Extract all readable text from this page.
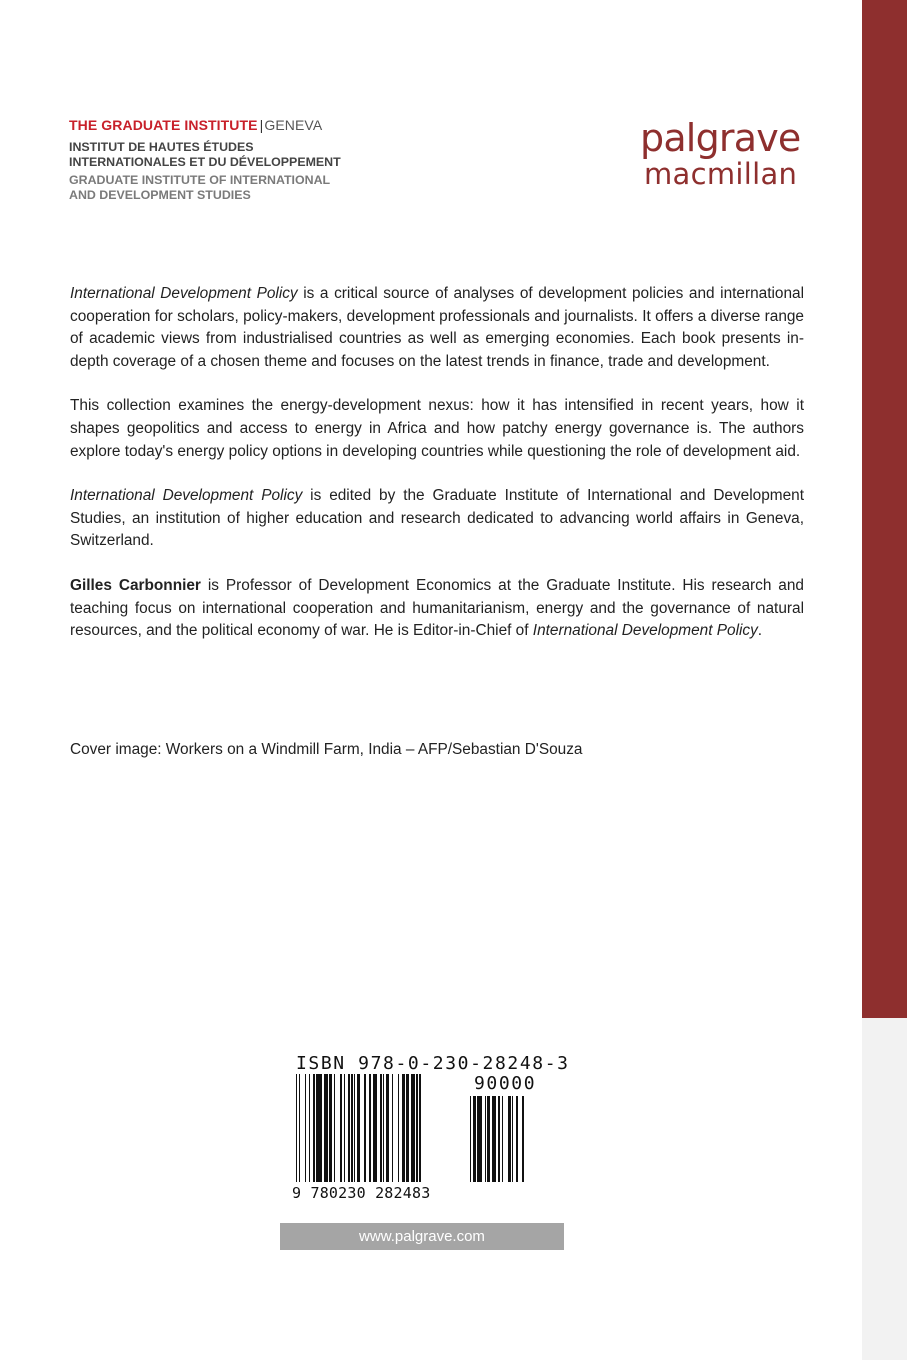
THE GRADUATE INSTITUTE |GENEVA
INSTITUT DE HAUTES ÉTUDES
INTERNATIONALES ET DU DÉVELOPPEMENT
GRADUATE INSTITUTE OF INTERNATIONAL
AND DEVELOPMENT STUDIES
palgrave
macmillan

International Development Policy is a critical source of analyses of development policies and international cooperation for scholars, policy-makers, development professionals and journalists. It offers a diverse range of academic views from industrialised countries as well as emerging economies. Each book presents in-depth coverage of a chosen theme and focuses on the latest trends in finance, trade and development.

This collection examines the energy-development nexus: how it has intensified in recent years, how it shapes geopolitics and access to energy in Africa and how patchy energy governance is. The authors explore today's energy policy options in developing countries while questioning the role of development aid.

International Development Policy is edited by the Graduate Institute of International and Development Studies, an institution of higher education and research dedicated to advancing world affairs in Geneva, Switzerland.

Gilles Carbonnier is Professor of Development Economics at the Graduate Institute. His research and teaching focus on international cooperation and humanitarianism, energy and the governance of natural resources, and the political economy of war. He is Editor-in-Chief of International Development Policy.

Cover image: Workers on a Windmill Farm, India – AFP/Sebastian D'Souza
ISBN 978-0-230-28248-3
90000
9 780230 282483
www.palgrave.com
